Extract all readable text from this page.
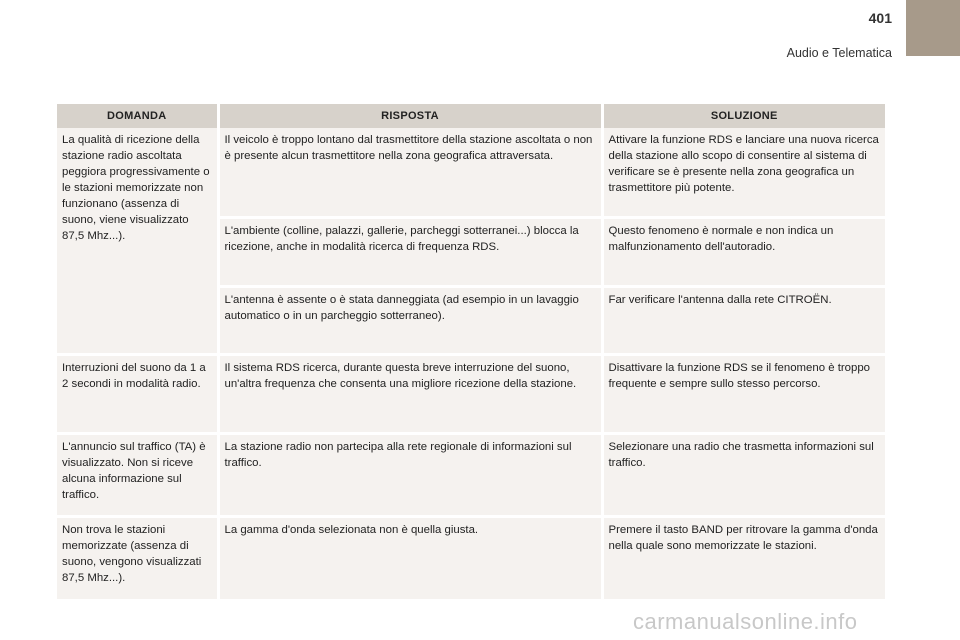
401
Audio e Telematica
DOMANDA	RISPOSTA	SOLUZIONE
La qualità di ricezione della stazione radio ascoltata peggiora progressivamente o le stazioni memorizzate non funzionano (assenza di suono, viene visualizzato 87,5 Mhz...).	Il veicolo è troppo lontano dal trasmettitore della stazione ascoltata o non è presente alcun trasmettitore nella zona geografica attraversata.	Attivare la funzione RDS e lanciare una nuova ricerca della stazione allo scopo di consentire al sistema di verificare se è presente nella zona geografica un trasmettitore più potente.
	L'ambiente (colline, palazzi, gallerie, parcheggi sotterranei...) blocca la ricezione, anche in modalità ricerca di frequenza RDS.	Questo fenomeno è normale e non indica un malfunzionamento dell'autoradio.
	L'antenna è assente o è stata danneggiata (ad esempio in un lavaggio automatico o in un parcheggio sotterraneo).	Far verificare l'antenna dalla rete CITROËN.
Interruzioni del suono da 1 a 2 secondi in modalità radio.	Il sistema RDS ricerca, durante questa breve interruzione del suono, un'altra frequenza che consenta una migliore ricezione della stazione.	Disattivare la funzione RDS se il fenomeno è troppo frequente e sempre sullo stesso percorso.
L'annuncio sul traffico (TA) è visualizzato. Non si riceve alcuna informazione sul traffico.	La stazione radio non partecipa alla rete regionale di informazioni sul traffico.	Selezionare una radio che trasmetta informazioni sul traffico.
Non trova le stazioni memorizzate (assenza di suono, vengono visualizzati 87,5 Mhz...).	La gamma d'onda selezionata non è quella giusta.	Premere il tasto BAND per ritrovare la gamma d'onda nella quale sono memorizzate le stazioni.
carmanualsonline.info
